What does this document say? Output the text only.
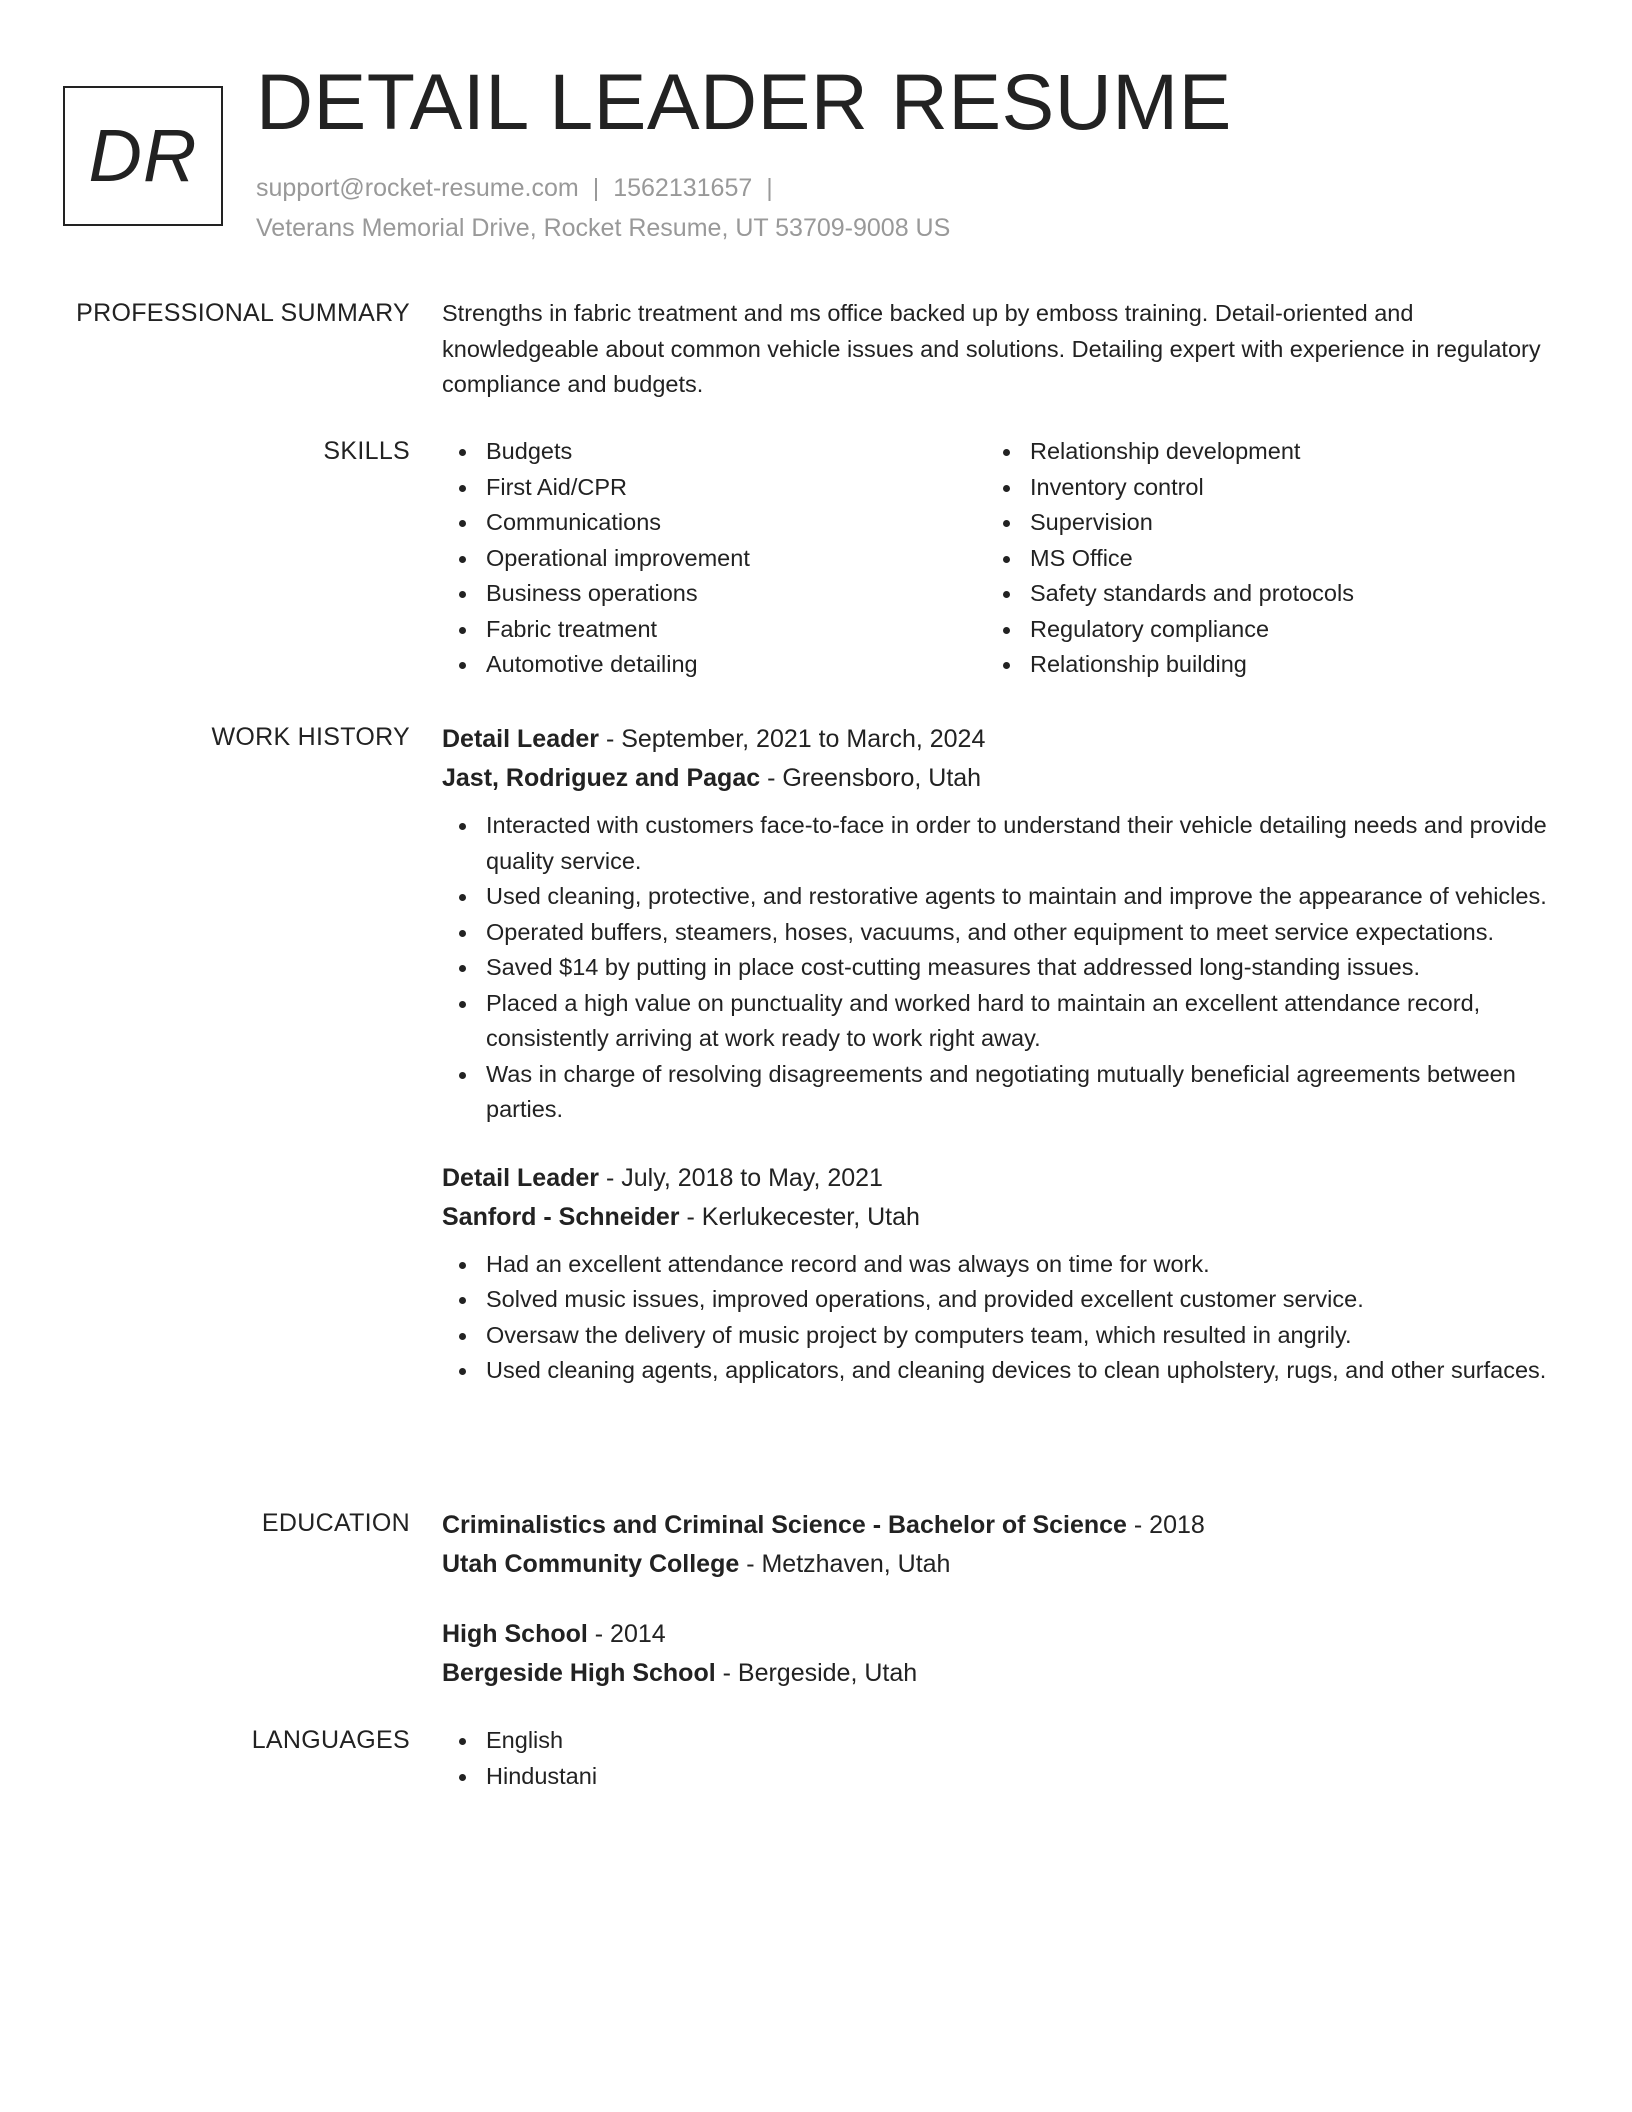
DR
DETAIL LEADER RESUME
support@rocket-resume.com | 1562131657 |
Veterans Memorial Drive, Rocket Resume, UT 53709-9008 US
PROFESSIONAL SUMMARY Strengths in fabric treatment and ms office backed up by emboss training. Detail-oriented and knowledgeable about common vehicle issues and solutions. Detailing expert with experience in regulatory compliance and budgets.

SKILLS	Budgets
First Aid/CPR
Communications
Operational improvement
Business operations
Fabric treatment
Automotive detailing
Relationship development
Inventory control
Supervision
MS Office
Safety standards and protocols
Regulatory compliance
Relationship building
WORK HISTORY Detail Leader - September, 2021 to March, 2024
Jast, Rodriguez and Pagac - Greensboro, Utah
Interacted with customers face-to-face in order to understand their vehicle detailing needs and provide quality service.
Used cleaning, protective, and restorative agents to maintain and improve the appearance of vehicles.
Operated buffers, steamers, hoses, vacuums, and other equipment to meet service expectations.
Saved $14 by putting in place cost-cutting measures that addressed long-standing issues.
Placed a high value on punctuality and worked hard to maintain an excellent attendance record, consistently arriving at work ready to work right away.
Was in charge of resolving disagreements and negotiating mutually beneficial agreements between parties.
Detail Leader - July, 2018 to May, 2021
Sanford - Schneider - Kerlukecester, Utah
Had an excellent attendance record and was always on time for work.
Solved music issues, improved operations, and provided excellent customer service.
Oversaw the delivery of music project by computers team, which resulted in angrily.
Used cleaning agents, applicators, and cleaning devices to clean upholstery, rugs, and other surfaces.
EDUCATION Criminalistics and Criminal Science - Bachelor of Science - 2018
Utah Community College - Metzhaven, Utah
High School - 2014
Bergeside High School - Bergeside, Utah
LANGUAGES	English
Hindustani
